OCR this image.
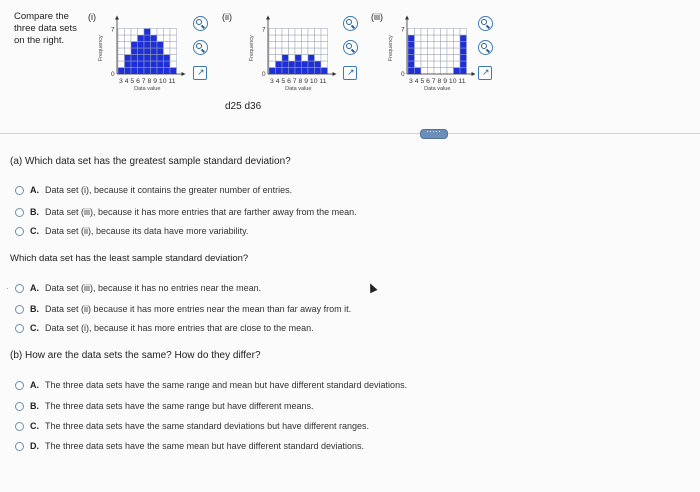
Compare the
three data sets
on the right.
(i)	(ii)	(iii)
Frequency
7
0
3 4 5 6 7 8 9 10 11
Data value
Frequency
7
0
3 4 5 6 7 8 9 10 11
Data value
Frequency
7
0
3 4 5 6 7 8 9 10 11
Data value
↗	↗	↗
d25 d36
·····
(a) Which data set has the greatest sample standard deviation?
A. Data set (i), because it contains the greater number of entries.
B. Data set (iii), because it has more entries that are farther away from the mean.
C. Data set (ii), because its data have more variability.
Which data set has the least sample standard deviation?
· A. Data set (iii), because it has no entries near the mean.
B. Data set (ii) because it has more entries near the mean than far away from it.
C. Data set (i), because it has more entries that are close to the mean.
(b) How are the data sets the same? How do they differ?
A. The three data sets have the same range and mean but have different standard deviations.
B. The three data sets have the same range but have different means.
C. The three data sets have the same standard deviations but have different ranges.
D. The three data sets have the same mean but have different standard deviations.
